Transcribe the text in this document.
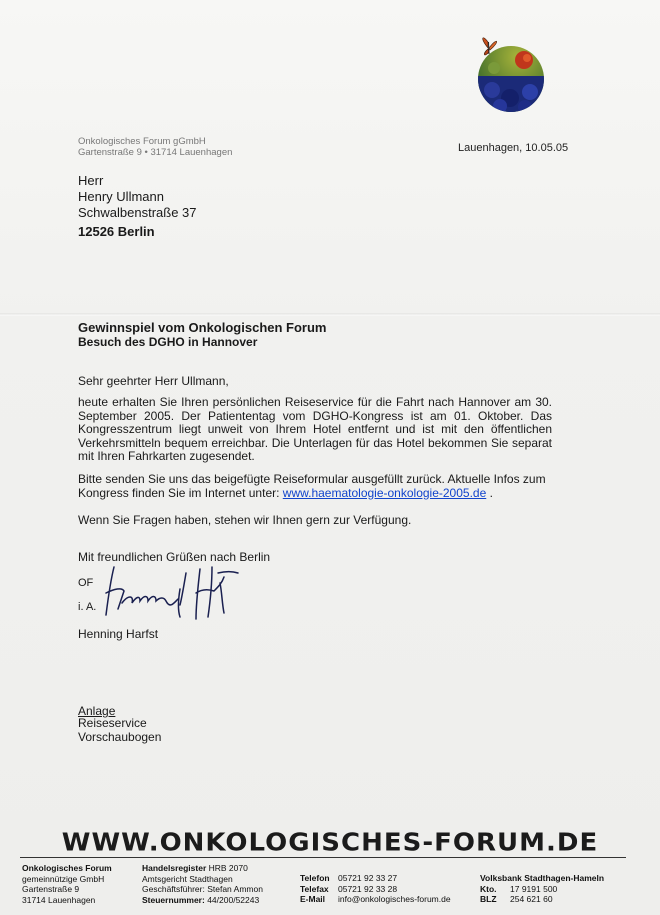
Onkologisches Forum gGmbH
Gartenstraße 9 • 31714 Lauenhagen	Lauenhagen, 10.05.05
Herr
Henry Ullmann
Schwalbenstraße 37
12526 Berlin
Gewinnspiel vom Onkologischen Forum
Besuch des DGHO in Hannover
Sehr geehrter Herr Ullmann,
heute erhalten Sie Ihren persönlichen Reiseservice für die Fahrt nach Hannover am 30. September 2005. Der Patiententag vom DGHO-Kongress ist am 01. Oktober. Das Kongresszentrum liegt unweit von Ihrem Hotel entfernt und ist mit den öffentlichen Verkehrsmitteln bequem erreichbar. Die Unterlagen für das Hotel bekommen Sie separat mit Ihren Fahrkarten zugesendet.
Bitte senden Sie uns das beigefügte Reiseformular ausgefüllt zurück. Aktuelle Infos zum Kongress finden Sie im Internet unter: www.haematologie-onkologie-2005.de .
Wenn Sie Fragen haben, stehen wir Ihnen gern zur Verfügung.
Mit freundlichen Grüßen nach Berlin
OF
i. A.
Henning Harfst
Anlage
Reiseservice
Vorschaubogen
WWW.ONKOLOGISCHES-FORUM.DE
Onkologisches Forum
gemeinnützige GmbH
Gartenstraße 9
31714 Lauenhagen
Handelsregister HRB 2070
Amtsgericht Stadthagen
Geschäftsführer: Stefan Ammon
Steuernummer: 44/200/52243
Telefon 05721 92 33 27
Telefax	05721 92 33 28
E-Mail	info@onkologisches-forum.de
Volksbank Stadthagen-Hameln
Kto.	17 9191 500
BLZ	254 621 60
